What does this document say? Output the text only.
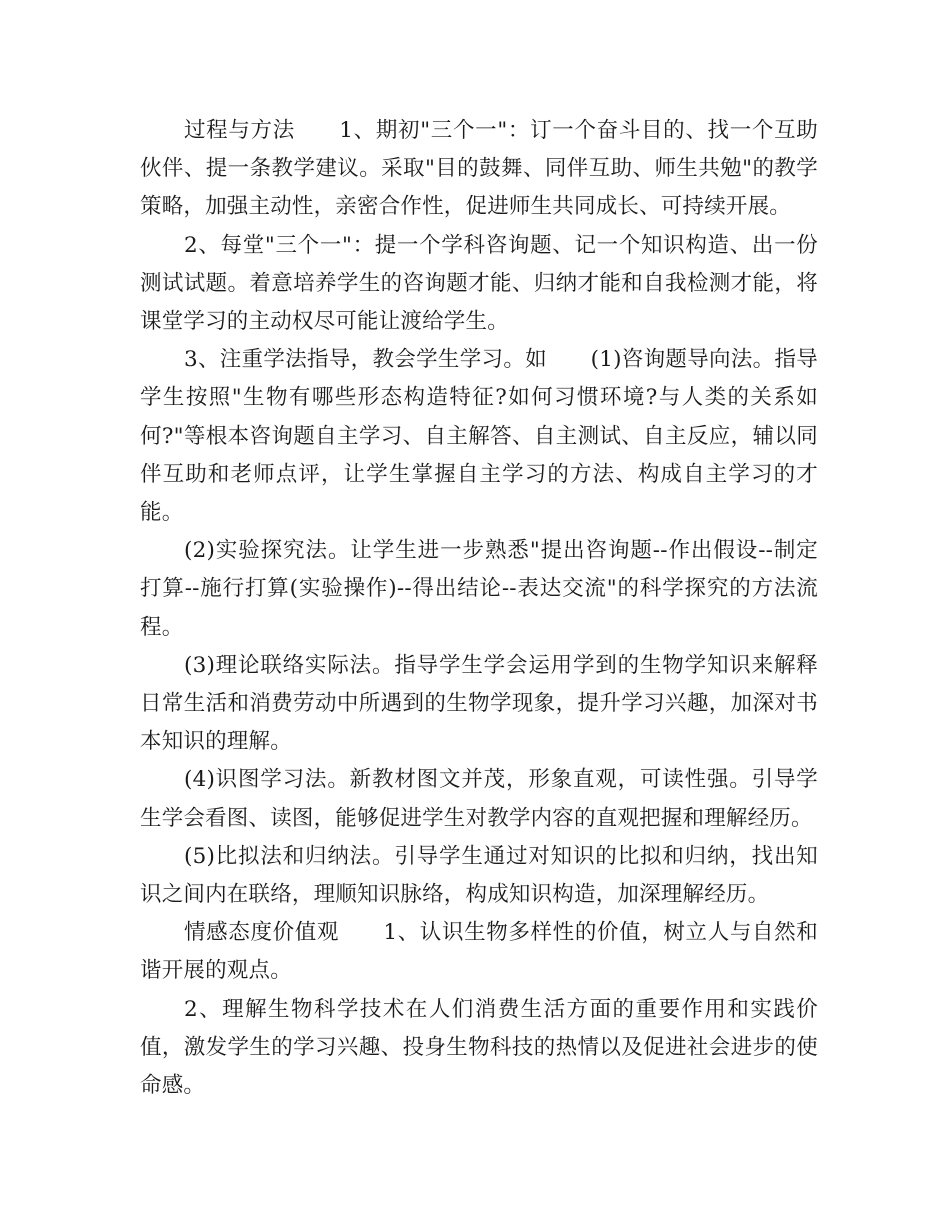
过程与方法　　1、期初"三个一"：订一个奋斗目的、找一个互助伙伴、提一条教学建议。采取"目的鼓舞、同伴互助、师生共勉"的教学策略，加强主动性，亲密合作性，促进师生共同成长、可持续开展。

2、每堂"三个一"：提一个学科咨询题、记一个知识构造、出一份测试试题。着意培养学生的咨询题才能、归纳才能和自我检测才能，将课堂学习的主动权尽可能让渡给学生。

3、注重学法指导，教会学生学习。如　　(1)咨询题导向法。指导学生按照"生物有哪些形态构造特征?如何习惯环境?与人类的关系如何?"等根本咨询题自主学习、自主解答、自主测试、自主反应，辅以同伴互助和老师点评，让学生掌握自主学习的方法、构成自主学习的才能。

(2)实验探究法。让学生进一步熟悉"提出咨询题--作出假设--制定打算--施行打算(实验操作)--得出结论--表达交流"的科学探究的方法流程。

(3)理论联络实际法。指导学生学会运用学到的生物学知识来解释日常生活和消费劳动中所遇到的生物学现象，提升学习兴趣，加深对书本知识的理解。

(4)识图学习法。新教材图文并茂，形象直观，可读性强。引导学生学会看图、读图，能够促进学生对教学内容的直观把握和理解经历。

(5)比拟法和归纳法。引导学生通过对知识的比拟和归纳，找出知识之间内在联络，理顺知识脉络，构成知识构造，加深理解经历。

情感态度价值观　　1、认识生物多样性的价值，树立人与自然和谐开展的观点。

2、理解生物科学技术在人们消费生活方面的重要作用和实践价值，激发学生的学习兴趣、投身生物科技的热情以及促进社会进步的使命感。
